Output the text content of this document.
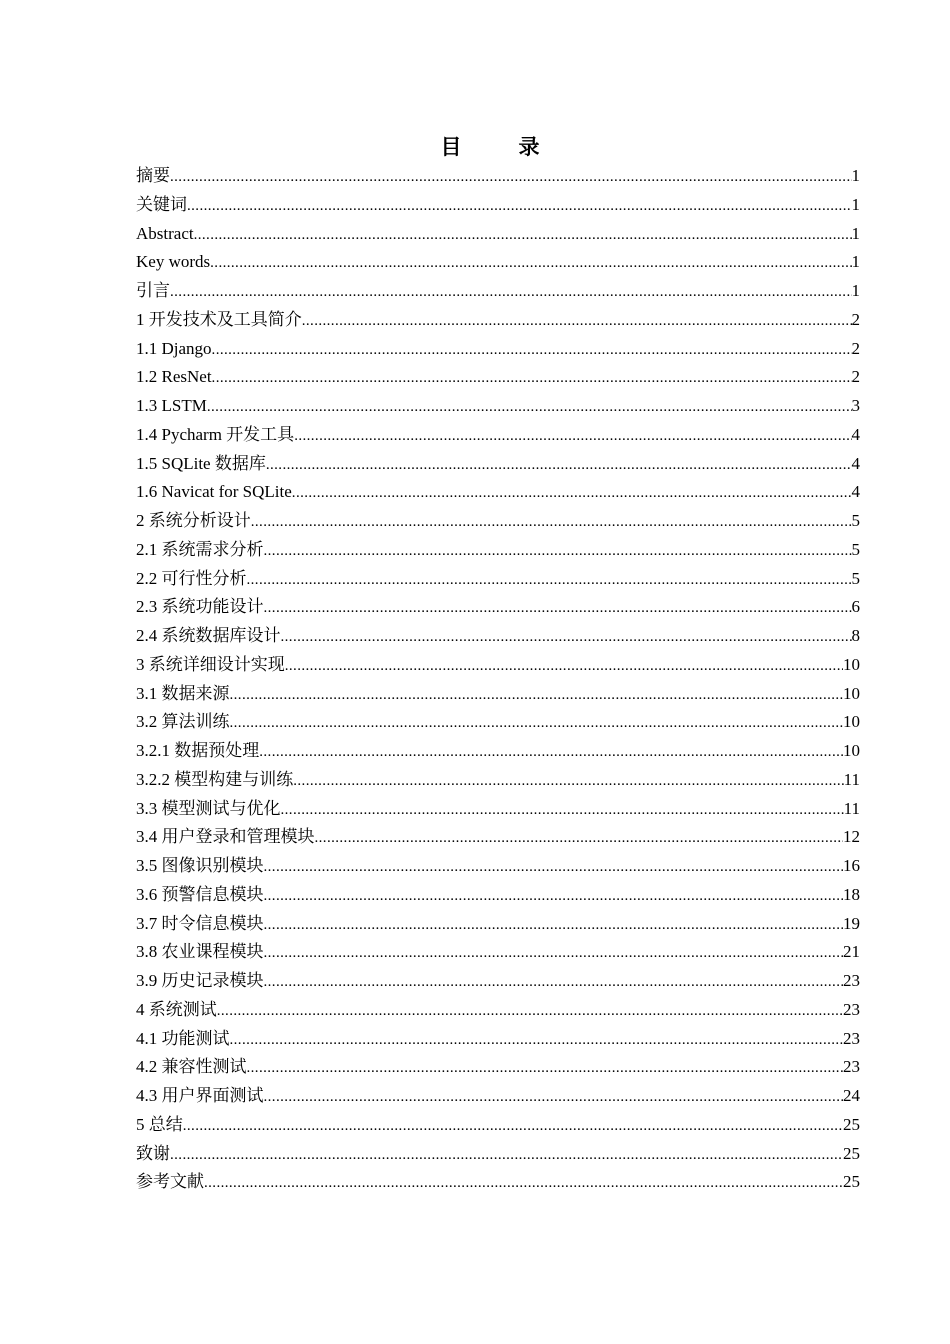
目　录
摘要 .....	1
关键词 .....	1
Abstract .....	1
Key words .....	1
引言 .....	1
1 开发技术及工具简介 .....	2
1.1 Django .....	2
1.2 ResNet .....	2
1.3 LSTM .....	3
1.4 Pycharm 开发工具 .....	4
1.5 SQLite 数据库 .....	4
1.6 Navicat for SQLite .....	4
2 系统分析设计 .....	5
2.1 系统需求分析 .....	5
2.2 可行性分析 .....	5
2.3 系统功能设计 .....	6
2.4 系统数据库设计 .....	8
3 系统详细设计实现 .....	10
3.1 数据来源 .....	10
3.2 算法训练 .....	10
3.2.1 数据预处理 .....	10
3.2.2 模型构建与训练 .....	11
3.3 模型测试与优化 .....	11
3.4 用户登录和管理模块 .....	12
3.5 图像识别模块 .....	16
3.6 预警信息模块 .....	18
3.7 时令信息模块 .....	19
3.8 农业课程模块 .....	21
3.9 历史记录模块 .....	23
4 系统测试 .....	23
4.1 功能测试 .....	23
4.2 兼容性测试 .....	23
4.3 用户界面测试 .....	24
5 总结 .....	25
致谢 .....	25
参考文献 .....	25
